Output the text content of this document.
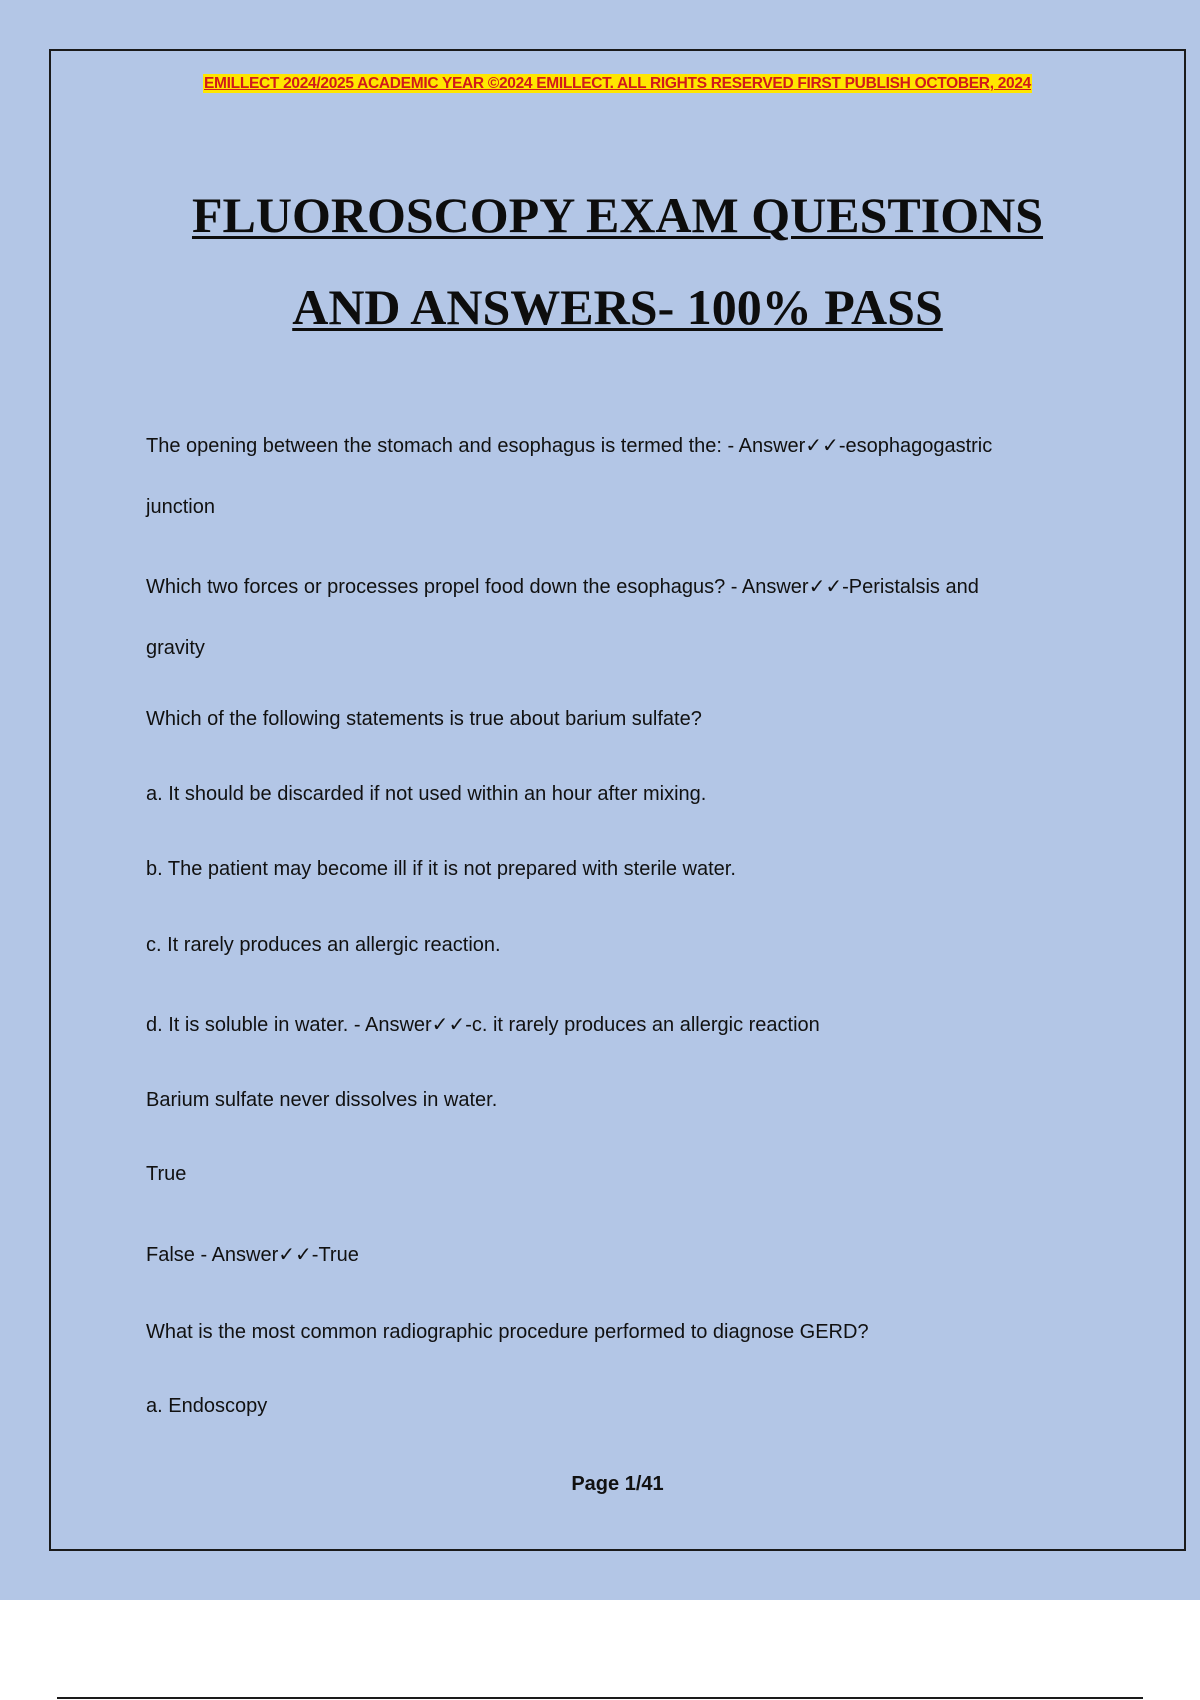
EMILLECT 2024/2025 ACADEMIC YEAR ©2024 EMILLECT. ALL RIGHTS RESERVED FIRST PUBLISH OCTOBER, 2024
FLUOROSCOPY EXAM QUESTIONS
AND ANSWERS- 100% PASS
The opening between the stomach and esophagus is termed the: - Answer✓✓-esophagogastric
junction
Which two forces or processes propel food down the esophagus? - Answer✓✓-Peristalsis and
gravity
Which of the following statements is true about barium sulfate?
a. It should be discarded if not used within an hour after mixing.
b. The patient may become ill if it is not prepared with sterile water.
c. It rarely produces an allergic reaction.
d. It is soluble in water. - Answer✓✓-c. it rarely produces an allergic reaction
Barium sulfate never dissolves in water.
True
False - Answer✓✓-True
What is the most common radiographic procedure performed to diagnose GERD?
a. Endoscopy
Page 1/41
